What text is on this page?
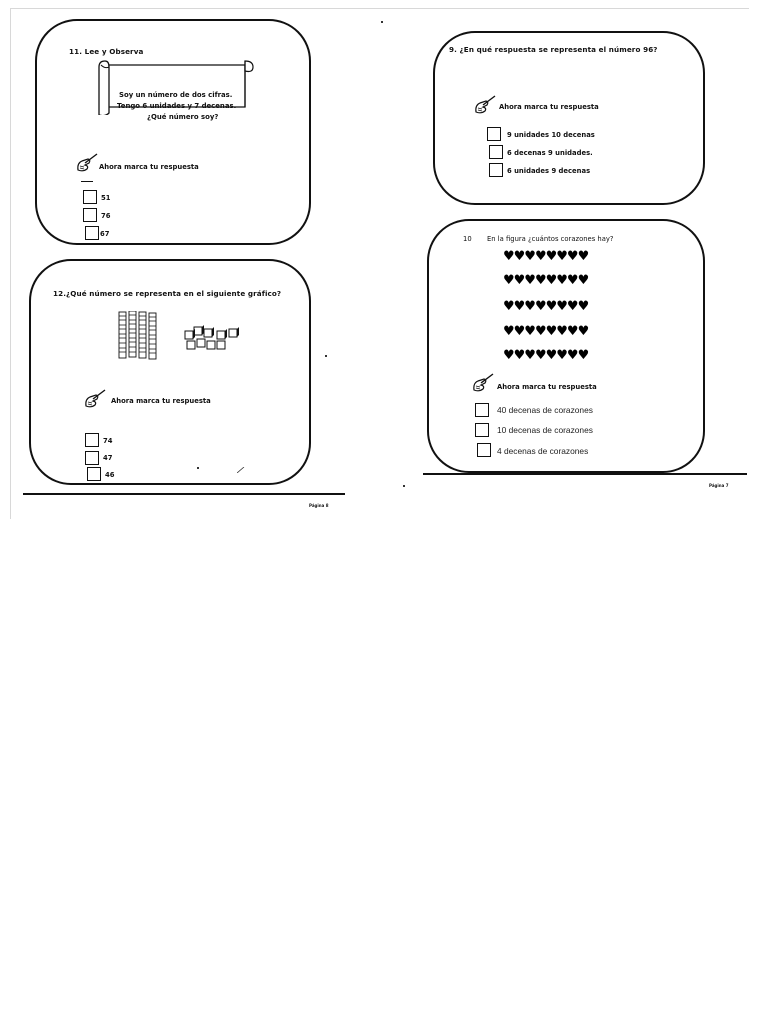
11. Lee y Observa
Soy un número de dos cifras.
Tengo 6 unidades y 7 decenas.
¿Qué número soy?
Ahora marca tu respuesta
51
76
67
12.¿Qué número se representa en el siguiente gráfico?
Ahora marca tu respuesta
74
47
46
Página 8
9. ¿En qué respuesta se representa el número 96?
Ahora marca tu respuesta
9 unidades 10 decenas
6 decenas 9 unidades.
6 unidades 9 decenas
10 En la figura ¿cuántos corazones hay?
♥♥♥♥♥♥♥♥
♥♥♥♥♥♥♥♥
♥♥♥♥♥♥♥♥
♥♥♥♥♥♥♥♥
♥♥♥♥♥♥♥♥
Ahora marca tu respuesta
40 decenas de corazones
10 decenas de corazones
4 decenas de corazones
Página 7
